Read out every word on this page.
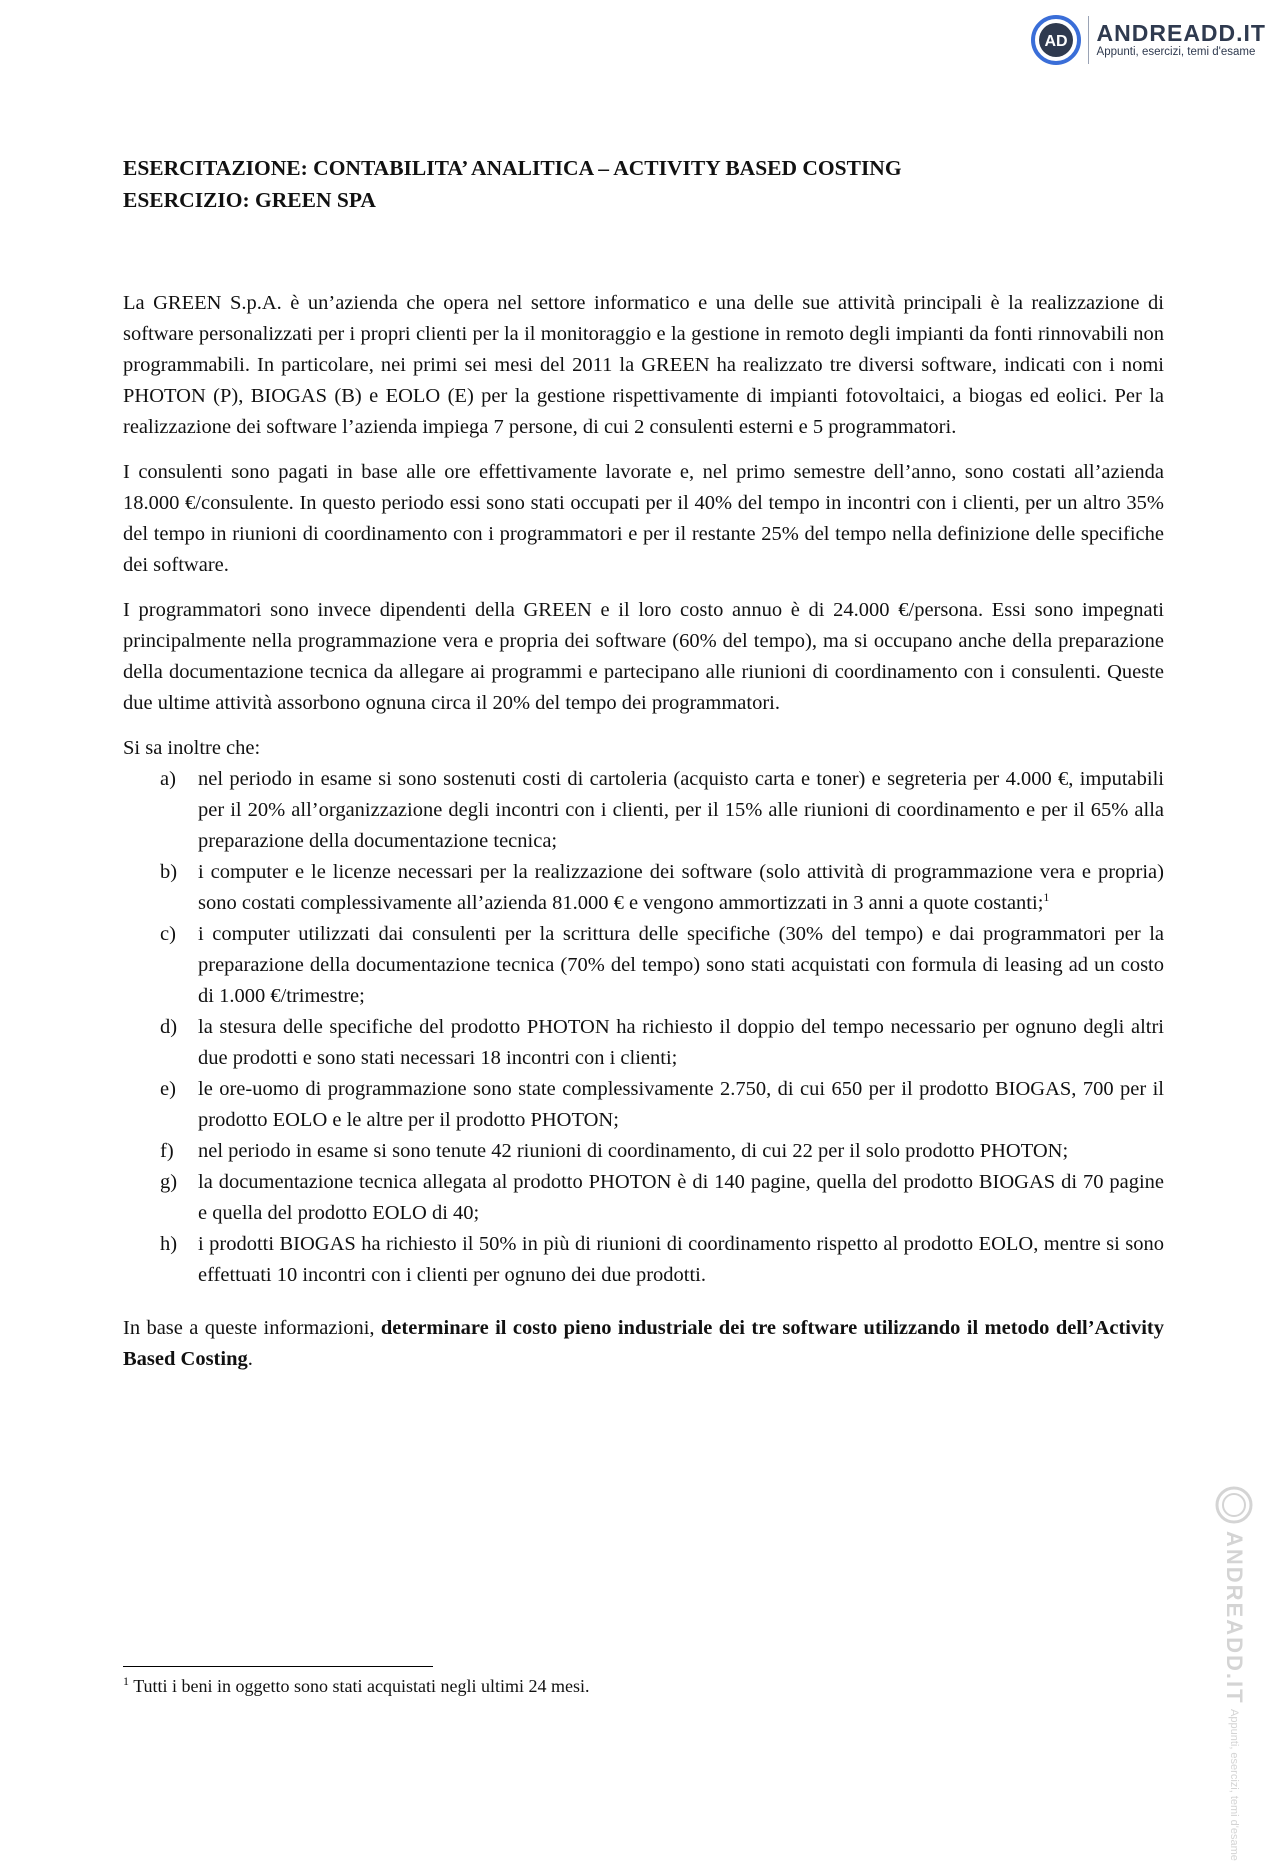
AD ANDREADD.IT
Appunti, esercizi, temi d'esame
ESERCITAZIONE: CONTABILITA’ ANALITICA – ACTIVITY BASED COSTING
ESERCIZIO: GREEN SPA

La GREEN S.p.A. è un’azienda che opera nel settore informatico e una delle sue attività principali è la realizzazione di software personalizzati per i propri clienti per la il monitoraggio e la gestione in remoto degli impianti da fonti rinnovabili non programmabili. In particolare, nei primi sei mesi del 2011 la GREEN ha realizzato tre diversi software, indicati con i nomi PHOTON (P), BIOGAS (B) e EOLO (E) per la gestione rispettivamente di impianti fotovoltaici, a biogas ed eolici. Per la realizzazione dei software l’azienda impiega 7 persone, di cui 2 consulenti esterni e 5 programmatori.

I consulenti sono pagati in base alle ore effettivamente lavorate e, nel primo semestre dell’anno, sono costati all’azienda 18.000 €/consulente. In questo periodo essi sono stati occupati per il 40% del tempo in incontri con i clienti, per un altro 35% del tempo in riunioni di coordinamento con i programmatori e per il restante 25% del tempo nella definizione delle specifiche dei software.

I programmatori sono invece dipendenti della GREEN e il loro costo annuo è di 24.000 €/persona. Essi sono impegnati principalmente nella programmazione vera e propria dei software (60% del tempo), ma si occupano anche della preparazione della documentazione tecnica da allegare ai programmi e partecipano alle riunioni di coordinamento con i consulenti. Queste due ultime attività assorbono ognuna circa il 20% del tempo dei programmatori.

Si sa inoltre che:

a)	nel periodo in esame si sono sostenuti costi di cartoleria (acquisto carta e toner) e segreteria per 4.000 €, imputabili per il 20% all’organizzazione degli incontri con i clienti, per il 15% alle riunioni di coordinamento e per il 65% alla preparazione della documentazione tecnica;
b)	i computer e le licenze necessari per la realizzazione dei software (solo attività di programmazione vera e propria) sono costati complessivamente all’azienda 81.000 € e vengono ammortizzati in 3 anni a quote costanti;$^1$
c)	i computer utilizzati dai consulenti per la scrittura delle specifiche (30% del tempo) e dai programmatori per la preparazione della documentazione tecnica (70% del tempo) sono stati acquistati con formula di leasing ad un costo di 1.000 €/trimestre;
d)	la stesura delle specifiche del prodotto PHOTON ha richiesto il doppio del tempo necessario per ognuno degli altri due prodotti e sono stati necessari 18 incontri con i clienti;
e)	le ore-uomo di programmazione sono state complessivamente 2.750, di cui 650 per il prodotto BIOGAS, 700 per il prodotto EOLO e le altre per il prodotto PHOTON;
f)	nel periodo in esame si sono tenute 42 riunioni di coordinamento, di cui 22 per il solo prodotto PHOTON;
g)	la documentazione tecnica allegata al prodotto PHOTON è di 140 pagine, quella del prodotto BIOGAS di 70 pagine e quella del prodotto EOLO di 40;
h)	i prodotti BIOGAS ha richiesto il 50% in più di riunioni di coordinamento rispetto al prodotto EOLO, mentre si sono effettuati 10 incontri con i clienti per ognuno dei due prodotti.

In base a queste informazioni, determinare il costo pieno industriale dei tre software utilizzando il metodo dell’Activity Based Costing.

$^1$ Tutti i beni in oggetto sono stati acquistati negli ultimi 24 mesi.	ANDREADD.IT Appunti, esercizi, temi d'esame
